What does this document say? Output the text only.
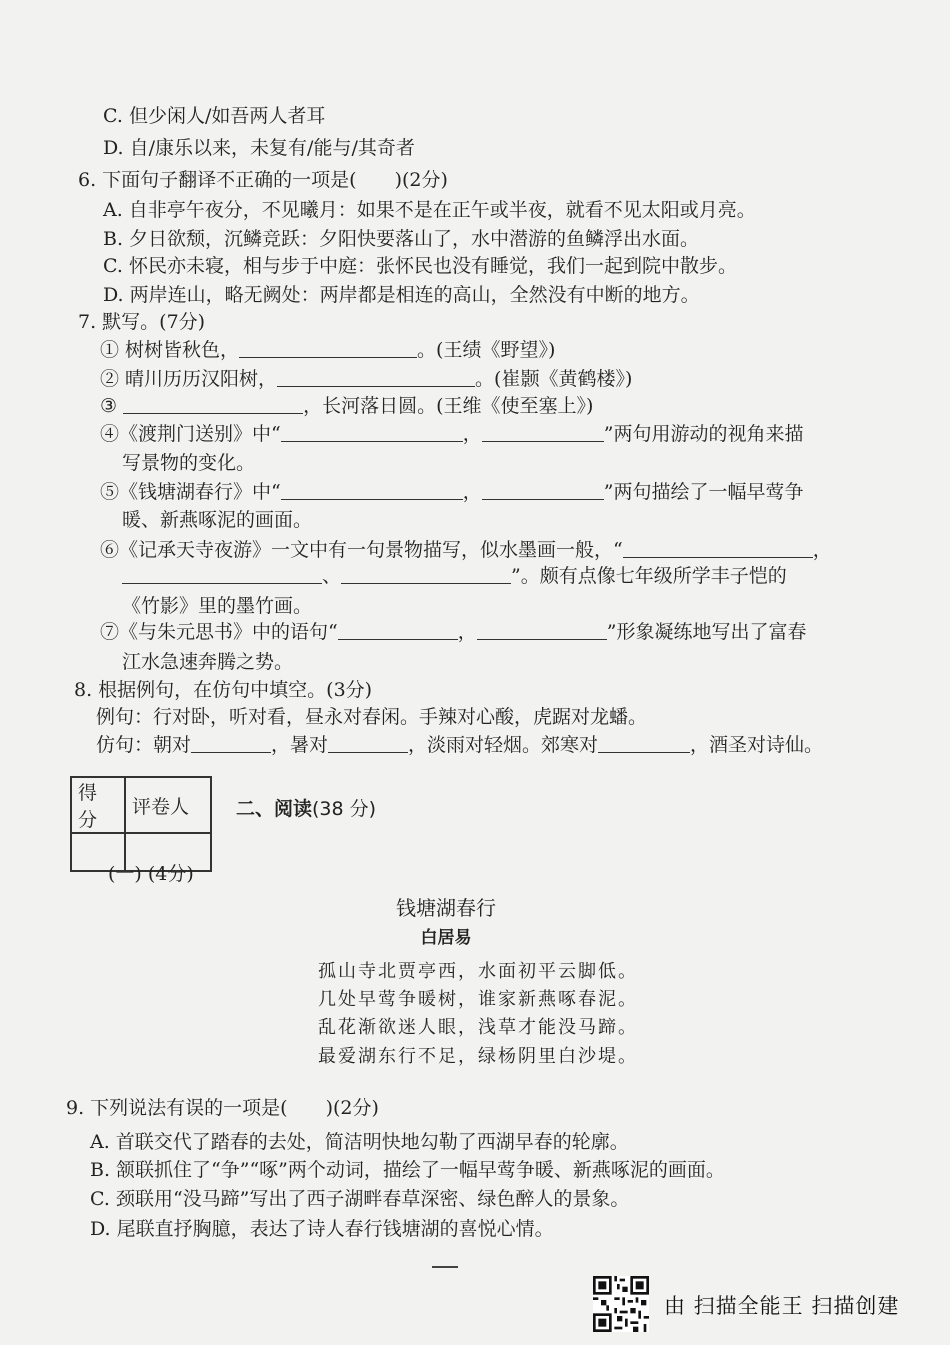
C. 但少闲人/如吾两人者耳
D. 自/康乐以来，未复有/能与/其奇者
6. 下面句子翻译不正确的一项是(　　)(2分)
A. 自非亭午夜分，不见曦月：如果不是在正午或半夜，就看不见太阳或月亮。
B. 夕日欲颓，沉鳞竞跃：夕阳快要落山了，水中潜游的鱼鳞浮出水面。
C. 怀民亦未寝，相与步于中庭：张怀民也没有睡觉，我们一起到院中散步。
D. 两岸连山，略无阙处：两岸都是相连的高山，全然没有中断的地方。
7. 默写。(7分)
① 树树皆秋色，	。(王绩《野望》)
② 晴川历历汉阳树，	。(崔颢《黄鹤楼》)
③	，长河落日圆。(王维《使至塞上》)
④《渡荆门送别》中“	，	”两句用游动的视角来描
写景物的变化。
⑤《钱塘湖春行》中“	，	”两句描绘了一幅早莺争
暖、新燕啄泥的画面。
⑥《记承天寺夜游》一文中有一句景物描写，似水墨画一般，“	，
、	”。颇有点像七年级所学丰子恺的
《竹影》里的墨竹画。
⑦《与朱元思书》中的语句“	，	”形象凝练地写出了富春
江水急速奔腾之势。
8. 根据例句，在仿句中填空。(3分)
例句：行对卧，听对看，昼永对春闲。手辣对心酸，虎踞对龙蟠。
仿句：朝对	，暑对	，淡雨对轻烟。郊寒对	，酒圣对诗仙。
得 分	评卷人
	二、阅读(38 分)
(一) (4分)
钱塘湖春行
白居易
孤山寺北贾亭西，水面初平云脚低。
几处早莺争暖树，谁家新燕啄春泥。
乱花渐欲迷人眼，浅草才能没马蹄。
最爱湖东行不足，绿杨阴里白沙堤。
9. 下列说法有误的一项是(　　)(2分)
A. 首联交代了踏春的去处，简洁明快地勾勒了西湖早春的轮廓。
B. 颔联抓住了“争”“啄”两个动词，描绘了一幅早莺争暖、新燕啄泥的画面。
C. 颈联用“没马蹄”写出了西子湖畔春草深密、绿色醉人的景象。
D. 尾联直抒胸臆，表达了诗人春行钱塘湖的喜悦心情。
由 扫描全能王 扫描创建
